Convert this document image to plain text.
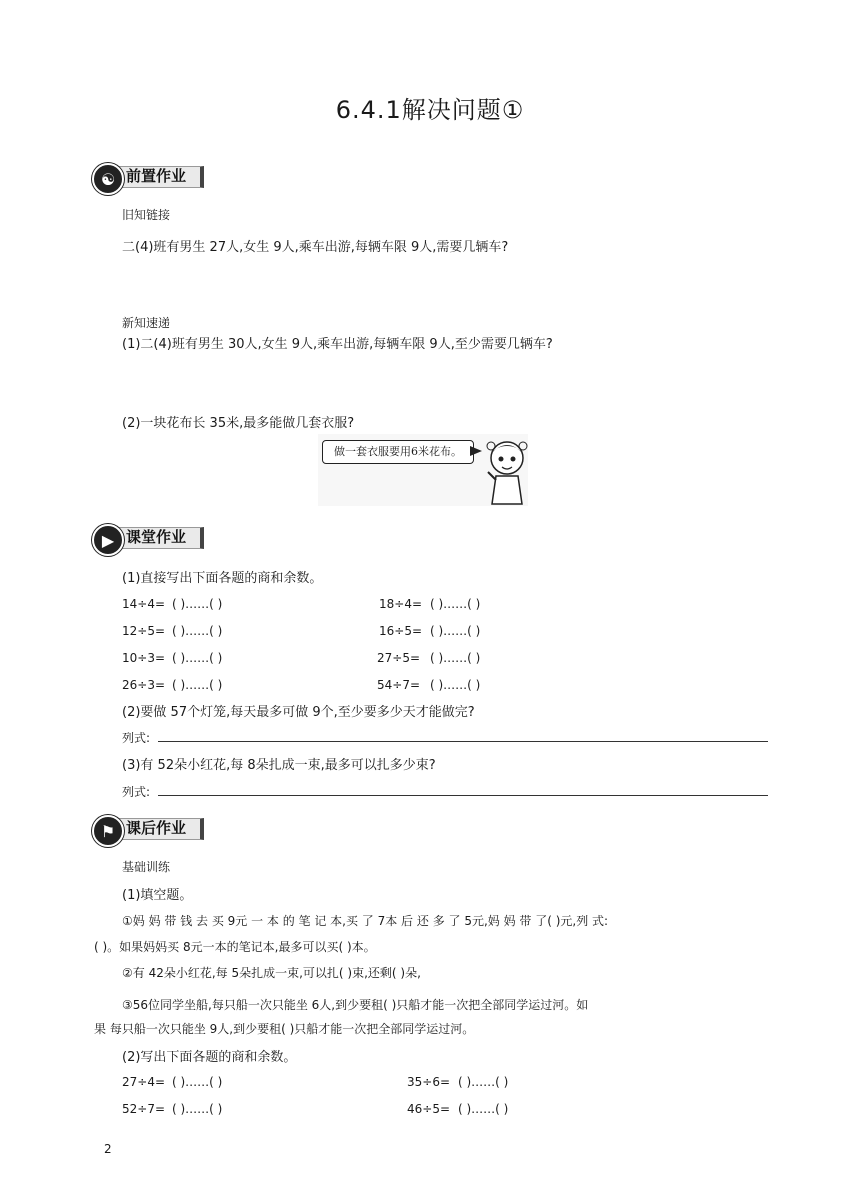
6.4.1解决问题①
☯ 前置作业
旧知链接
二(4)班有男生 27人,女生 9人,乘车出游,每辆车限 9人,需要几辆车?
新知速递
(1)二(4)班有男生 30人,女生 9人,乘车出游,每辆车限 9人,至少需要几辆车?
(2)一块花布长 35米,最多能做几套衣服?
做一套衣服要用6米花布。
▶ 课堂作业
(1)直接写出下面各题的商和余数。
14÷4= ( )……( )	18÷4= ( )……( )
12÷5= ( )……( )	16÷5= ( )……( )
10÷3= ( )……( )	27÷5= ( )……( )
26÷3= ( )……( )	54÷7= ( )……( )
(2)要做 57个灯笼,每天最多可做 9个,至少要多少天才能做完?
列式:
(3)有 52朵小红花,每 8朵扎成一束,最多可以扎多少束?
列式:
⚑ 课后作业
基础训练
(1)填空题。
①妈 妈 带 钱 去 买 9元 一 本 的 笔 记 本,买 了 7本 后 还 多 了 5元,妈 妈 带 了( )元,列 式:
( )。如果妈妈买 8元一本的笔记本,最多可以买( )本。
②有 42朵小红花,每 5朵扎成一束,可以扎( )束,还剩( )朵,
③56位同学坐船,每只船一次只能坐 6人,到少要租( )只船才能一次把全部同学运过河。如
果 每只船一次只能坐 9人,到少要租( )只船才能一次把全部同学运过河。
(2)写出下面各题的商和余数。
27÷4= ( )……( )	35÷6= ( )……( )
52÷7= ( )……( )	46÷5= ( )……( )
2
